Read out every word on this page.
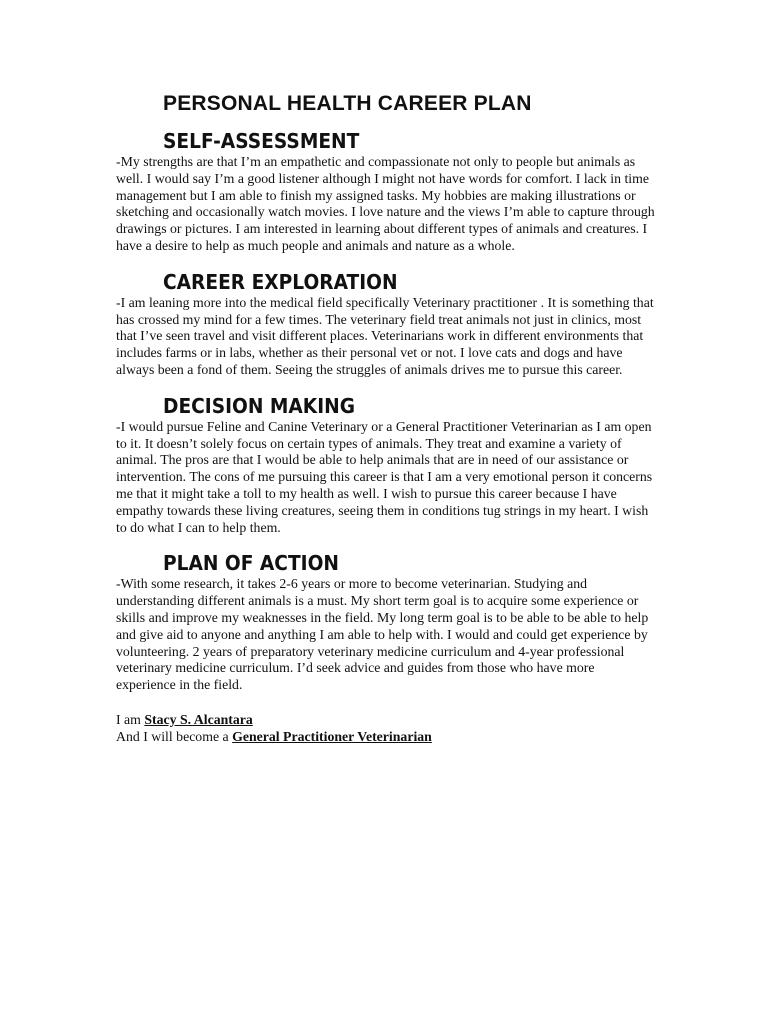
PERSONAL HEALTH CAREER PLAN
SELF-ASSESSMENT

-My strengths are that I’m an empathetic and compassionate not only to people but animals as well. I would say I’m a good listener although I might not have words for comfort. I lack in time management but I am able to finish my assigned tasks. My hobbies are making illustrations or sketching and occasionally watch movies. I love nature and the views I’m able to capture through drawings or pictures. I am interested in learning about different types of animals and creatures. I have a desire to help as much people and animals and nature as a whole.

CAREER EXPLORATION

-I am leaning more into the medical field specifically Veterinary practitioner . It is something that has crossed my mind for a few times. The veterinary field treat animals not just in clinics, most that I’ve seen travel and visit different places. Veterinarians work in different environments that includes farms or in labs, whether as their personal vet or not. I love cats and dogs and have always been a fond of them. Seeing the struggles of animals drives me to pursue this career.

DECISION MAKING

-I would pursue Feline and Canine Veterinary or a General Practitioner Veterinarian as I am open to it. It doesn’t solely focus on certain types of animals. They treat and examine a variety of animal. The pros are that I would be able to help animals that are in need of our assistance or intervention. The cons of me pursuing this career is that I am a very emotional person it concerns me that it might take a toll to my health as well. I wish to pursue this career because I have empathy towards these living creatures, seeing them in conditions tug strings in my heart. I wish to do what I can to help them.

PLAN OF ACTION

-With some research, it takes 2-6 years or more to become veterinarian. Studying and understanding different animals is a must. My short term goal is to acquire some experience or skills and improve my weaknesses in the field. My long term goal is to be able to be able to help and give aid to anyone and anything I am able to help with. I would and could get experience by volunteering. 2 years of preparatory veterinary medicine curriculum and 4-year professional veterinary medicine curriculum. I’d seek advice and guides from those who have more experience in the field.

I am Stacy S. Alcantara
And I will become a General Practitioner Veterinarian
